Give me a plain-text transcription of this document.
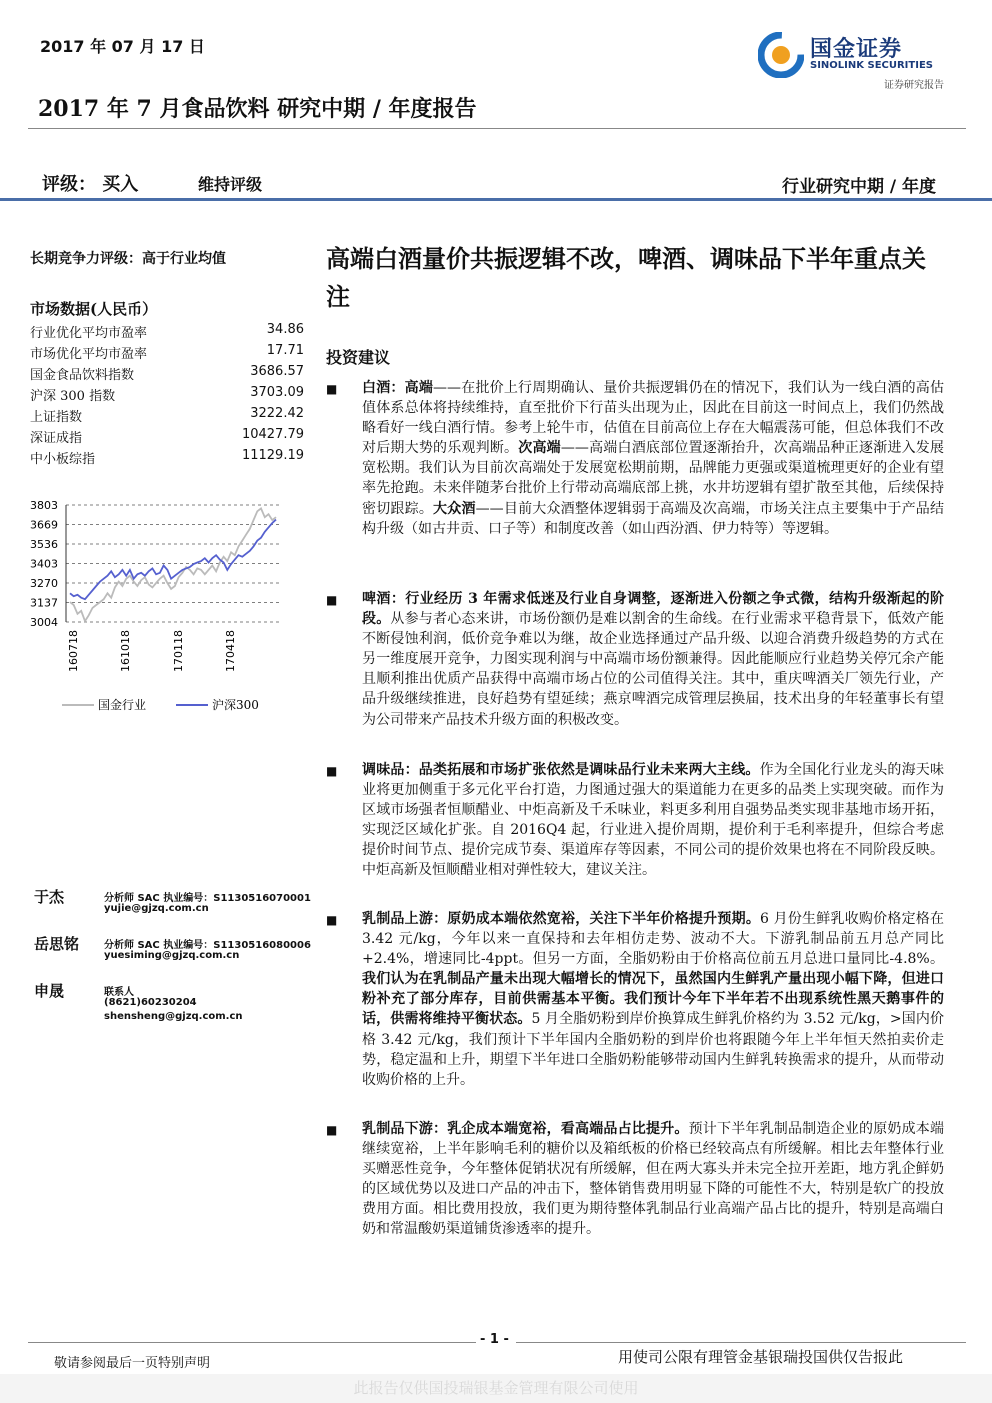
2017 年 07 月 17 日	国金证券
SINOLINK SECURITIES
证券研究报告
2017 年 7 月食品饮料 研究中期 / 年度报告
评级： 买入	维持评级	行业研究中期 / 年度
长期竞争力评级：高于行业均值
市场数据(人民币）
行业优化平均市盈率	34.86
市场优化平均市盈率	17.71
国金食品饮料指数	3686.57
沪深 300 指数	3703.09
上证指数	3222.42
深证成指	10427.79
中小板综指	11129.19
3803
3669
3536
3403
3270
3137
3004
160718	161018	170118	170418
国金行业	沪深300
于杰	分析师 SAC 执业编号：S1130516070001
yujie@gjzq.com.cn
岳思铭 分析师 SAC 执业编号：S1130516080006
yuesiming@gjzq.com.cn
申晟	联系人
(8621)60230204
shensheng@gjzq.com.cn
高端白酒量价共振逻辑不改，啤酒、调味品下半年重点关注
投资建议
■ 白酒：高端——在批价上行周期确认、量价共振逻辑仍在的情况下，我们认为一线白酒的高估值体系总体将持续维持，直至批价下行苗头出现为止，因此在目前这一时间点上，我们仍然战略看好一线白酒行情。参考上轮牛市，估值在目前高位上存在大幅震荡可能，但总体我们不改对后期大势的乐观判断。次高端——高端白酒底部位置逐渐抬升，次高端品种正逐渐进入发展宽松期。我们认为目前次高端处于发展宽松期前期，品牌能力更强或渠道梳理更好的企业有望率先抢跑。未来伴随茅台批价上行带动高端底部上挑，水井坊逻辑有望扩散至其他，后续保持密切跟踪。大众酒——目前大众酒整体逻辑弱于高端及次高端，市场关注点主要集中于产品结构升级（如古井贡、口子等）和制度改善（如山西汾酒、伊力特等）等逻辑。
■ 啤酒：行业经历 3 年需求低迷及行业自身调整，逐渐进入份额之争式微，结构升级渐起的阶段。从参与者心态来讲，市场份额仍是难以割舍的生命线。在行业需求平稳背景下，低效产能不断侵蚀利润，低价竞争难以为继，故企业选择通过产品升级、以迎合消费升级趋势的方式在另一维度展开竞争，力图实现利润与中高端市场份额兼得。因此能顺应行业趋势关停冗余产能且顺利推出优质产品获得中高端市场占位的公司值得关注。其中，重庆啤酒关厂领先行业，产品升级继续推进，良好趋势有望延续；燕京啤酒完成管理层换届，技术出身的年轻董事长有望为公司带来产品技术升级方面的积极改变。
■ 调味品：品类拓展和市场扩张依然是调味品行业未来两大主线。作为全国化行业龙头的海天味业将更加侧重于多元化平台打造，力图通过强大的渠道能力在更多的品类上实现突破。而作为区域市场强者恒顺醋业、中炬高新及千禾味业，料更多利用自强势品类实现非基地市场开拓，实现泛区域化扩张。自 2016Q4 起，行业进入提价周期，提价利于毛利率提升，但综合考虑提价时间节点、提价完成节奏、渠道库存等因素，不同公司的提价效果也将在不同阶段反映。中炬高新及恒顺醋业相对弹性较大，建议关注。
■ 乳制品上游：原奶成本端依然宽裕，关注下半年价格提升预期。6 月份生鲜乳收购价格定格在 3.42 元/kg，今年以来一直保持和去年相仿走势、波动不大。下游乳制品前五月总产同比+2.4%，增速同比-4ppt。但另一方面，全脂奶粉由于价格高位前五月总进口量同比-4.8%。我们认为在乳制品产量未出现大幅增长的情况下，虽然国内生鲜乳产量出现小幅下降，但进口粉补充了部分库存，目前供需基本平衡。我们预计今年下半年若不出现系统性黑天鹅事件的话，供需将维持平衡状态。5 月全脂奶粉到岸价换算成生鲜乳价格约为 3.52 元/kg，>国内价格 3.42 元/kg，我们预计下半年国内全脂奶粉的到岸价也将跟随今年上半年恒天然拍卖价走势，稳定温和上升，期望下半年进口全脂奶粉能够带动国内生鲜乳转换需求的提升，从而带动收购价格的上升。
■ 乳制品下游：乳企成本端宽裕，看高端品占比提升。预计下半年乳制品制造企业的原奶成本端继续宽裕，上半年影响毛利的糖价以及箱纸板的价格已经较高点有所缓解。相比去年整体行业买赠恶性竞争，今年整体促销状况有所缓解，但在两大寡头并未完全拉开差距，地方乳企鲜奶的区域优势以及进口产品的冲击下，整体销售费用明显下降的可能性不大，特别是软广的投放费用方面。相比费用投放，我们更为期待整体乳制品行业高端产品占比的提升，特别是高端白奶和常温酸奶渠道铺货渗透率的提升。
- 1 -
敬请参阅最后一页特别声明	用使司公限有理管金基银瑞投国供仅告报此
此报告仅供国投瑞银基金管理有限公司使用
